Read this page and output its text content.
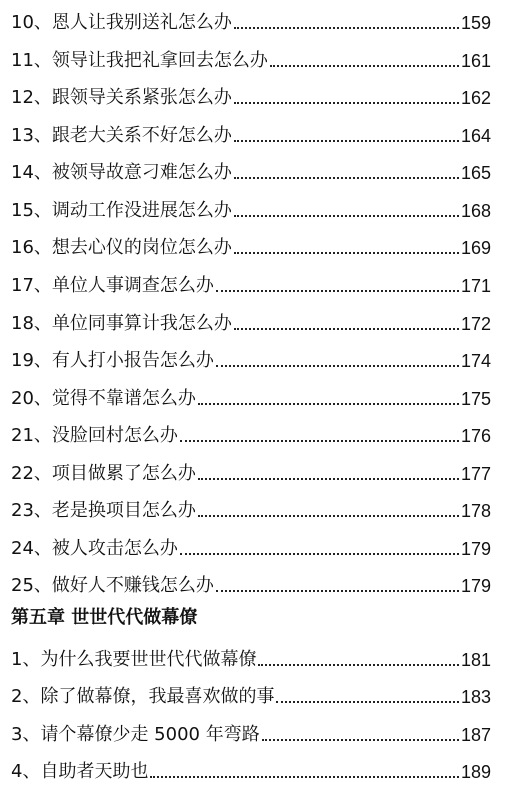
10、 恩人让我别送礼怎么办	159
11、 领导让我把礼拿回去怎么办	161
12、 跟领导关系紧张怎么办	162
13、 跟老大关系不好怎么办	164
14、 被领导故意刁难怎么办	165
15、 调动工作没进展怎么办	168
16、 想去心仪的岗位怎么办	169
17、 单位人事调查怎么办	171
18、 单位同事算计我怎么办	172
19、 有人打小报告怎么办	174
20、 觉得不靠谱怎么办	175
21、 没脸回村怎么办	176
22、 项目做累了怎么办	177
23、 老是换项目怎么办	178
24、 被人攻击怎么办	179
25、 做好人不赚钱怎么办	179
第五章 世世代代做幕僚
1、 为什么我要世世代代做幕僚	181
2、 除了做幕僚，我最喜欢做的事	183
3、 请个幕僚少走 5000 年弯路	187
4、 自助者天助也	189
